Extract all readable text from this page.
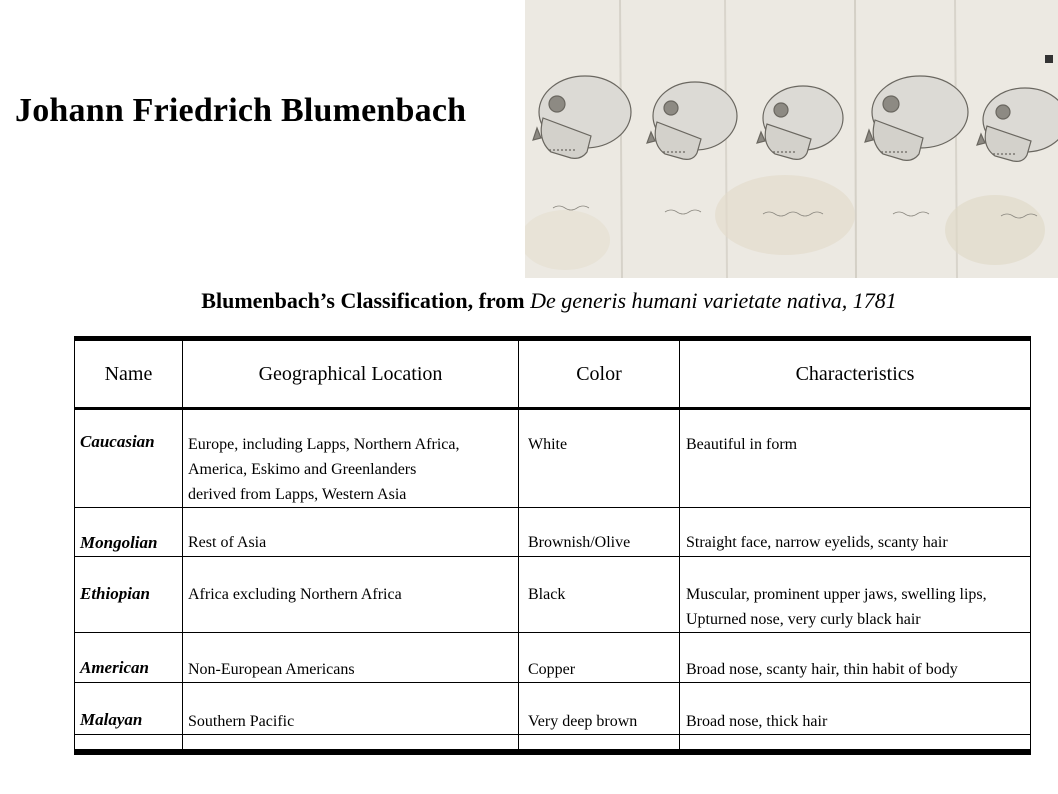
Johann Friedrich Blumenbach
Blumenbach’s Classification, from De generis humani varietate nativa, 1781
Name	Geographical Location	Color	Characteristics
Caucasian	Europe, including Lapps, Northern Africa,
America, Eskimo and Greenlanders
derived from Lapps, Western Asia	White	Beautiful in form

Mongolian	Rest of Asia	Brownish/Olive	Straight face, narrow eyelids, scanty hair

Ethiopian	Africa excluding Northern Africa	Black	Muscular, prominent upper jaws, swelling lips,
Upturned nose, very curly black hair

American	Non-European Americans	Copper	Broad nose, scanty hair, thin habit of body

Malayan	Southern Pacific	Very deep brown	Broad nose, thick hair
